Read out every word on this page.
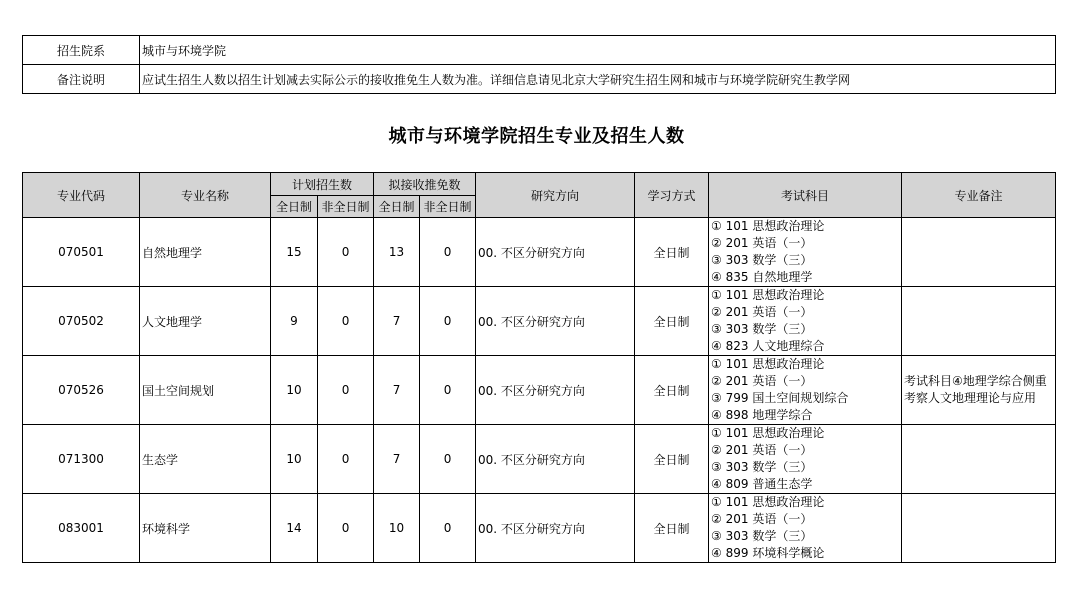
招生院系	城市与环境学院
备注说明	应试生招生人数以招生计划减去实际公示的接收推免生人数为准。详细信息请见北京大学研究生招生网和城市与环境学院研究生教学网
城市与环境学院招生专业及招生人数
专业代码	专业名称	计划招生数		拟接收推免数		研究方向	学习方式	考试科目	专业备注
		全日制	非全日制	全日制	非全日制				
070501	自然地理学	15	0	13	0	00. 不区分研究方向	全日制	① 101 思想政治理论
② 201 英语（一）
③ 303 数学（三）
④ 835 自然地理学	

070502	人文地理学	9	0	7	0	00. 不区分研究方向	全日制	① 101 思想政治理论
② 201 英语（一）
③ 303 数学（三）
④ 823 人文地理综合	

070526	国土空间规划	10	0	7	0	00. 不区分研究方向	全日制	① 101 思想政治理论
② 201 英语（一）
③ 799 国土空间规划综合
④ 898 地理学综合	考试科目④地理学综合侧重考察人文地理理论与应用
071300	生态学	10	0	7	0	00. 不区分研究方向	全日制	① 101 思想政治理论
② 201 英语（一）
③ 303 数学（三）
④ 809 普通生态学	

083001	环境科学	14	0	10	0	00. 不区分研究方向	全日制	① 101 思想政治理论
② 201 英语（一）
③ 303 数学（三）
④ 899 环境科学概论	
